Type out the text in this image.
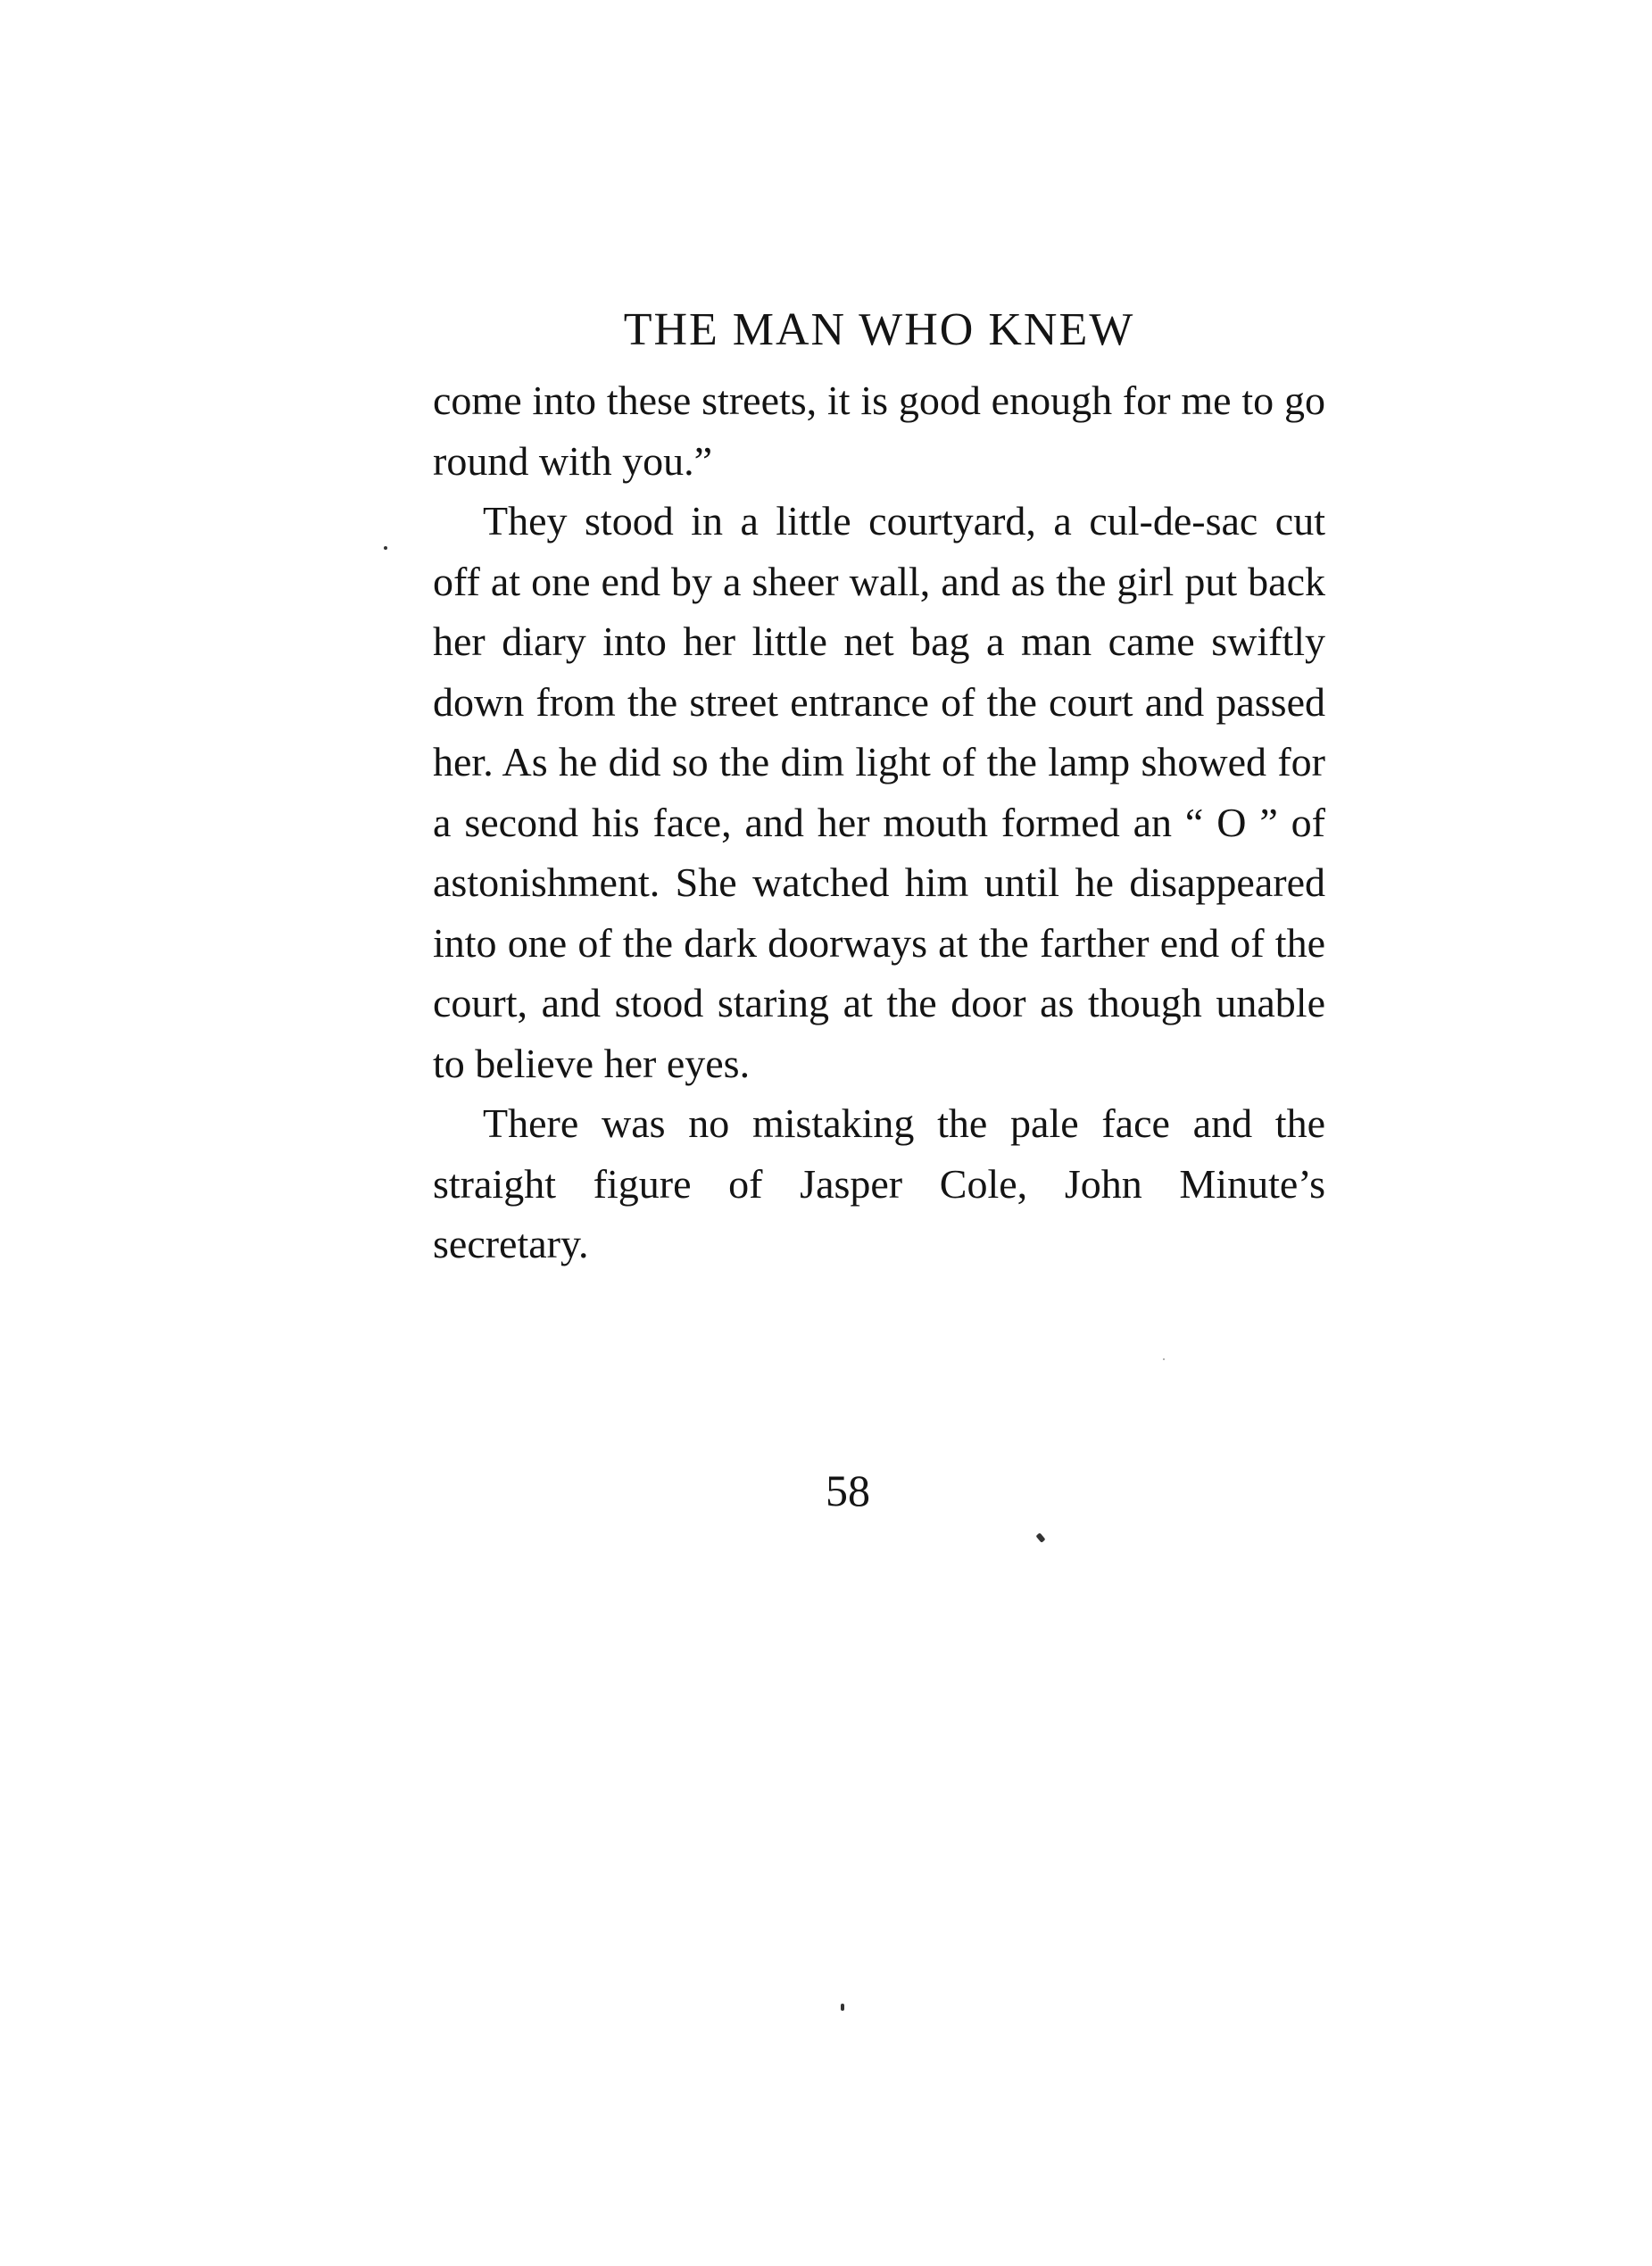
THE MAN WHO KNEW

come into these streets, it is good enough for me to go round with you.”

They stood in a little courtyard, a cul-de-sac cut off at one end by a sheer wall, and as the girl put back her diary into her little net bag a man came swiftly down from the street entrance of the court and passed her. As he did so the dim light of the lamp showed for a second his face, and her mouth formed an “ O ” of astonishment. She watched him until he disappeared into one of the dark doorways at the farther end of the court, and stood staring at the door as though unable to believe her eyes.

There was no mistaking the pale face and the straight figure of Jasper Cole, John Minute’s secretary.

58
